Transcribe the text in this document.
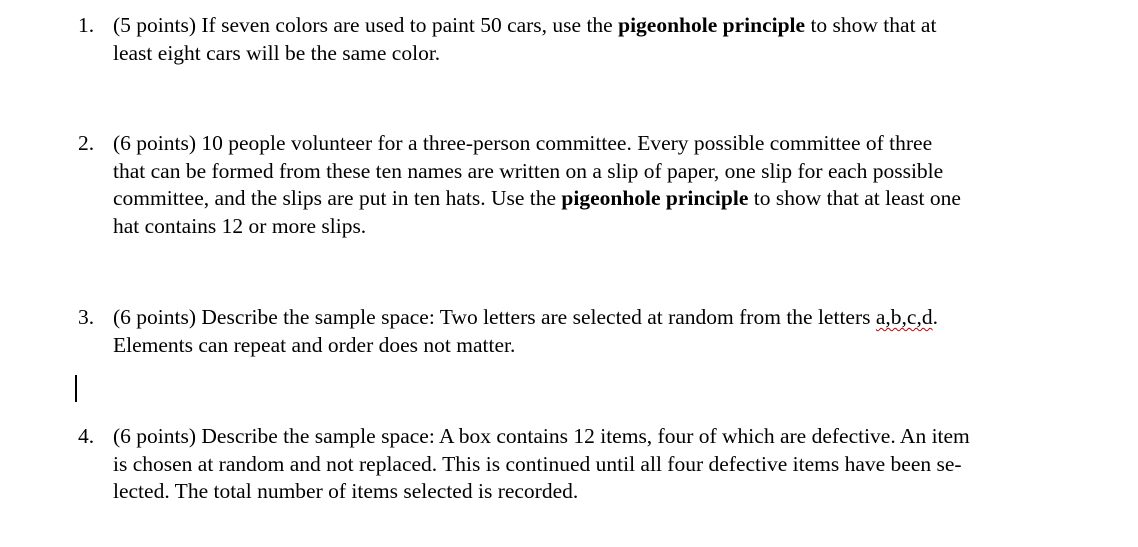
1. (5 points) If seven colors are used to paint 50 cars, use the pigeonhole principle to show that at
least eight cars will be the same color.
2. (6 points) 10 people volunteer for a three-person committee. Every possible committee of three
that can be formed from these ten names are written on a slip of paper, one slip for each possible
committee, and the slips are put in ten hats. Use the pigeonhole principle to show that at least one
hat contains 12 or more slips.
3. (6 points) Describe the sample space: Two letters are selected at random from the letters a,b,c,d.
Elements can repeat and order does not matter.
4. (6 points) Describe the sample space: A box contains 12 items, four of which are defective. An item
is chosen at random and not replaced. This is continued until all four defective items have been se-
lected. The total number of items selected is recorded.
